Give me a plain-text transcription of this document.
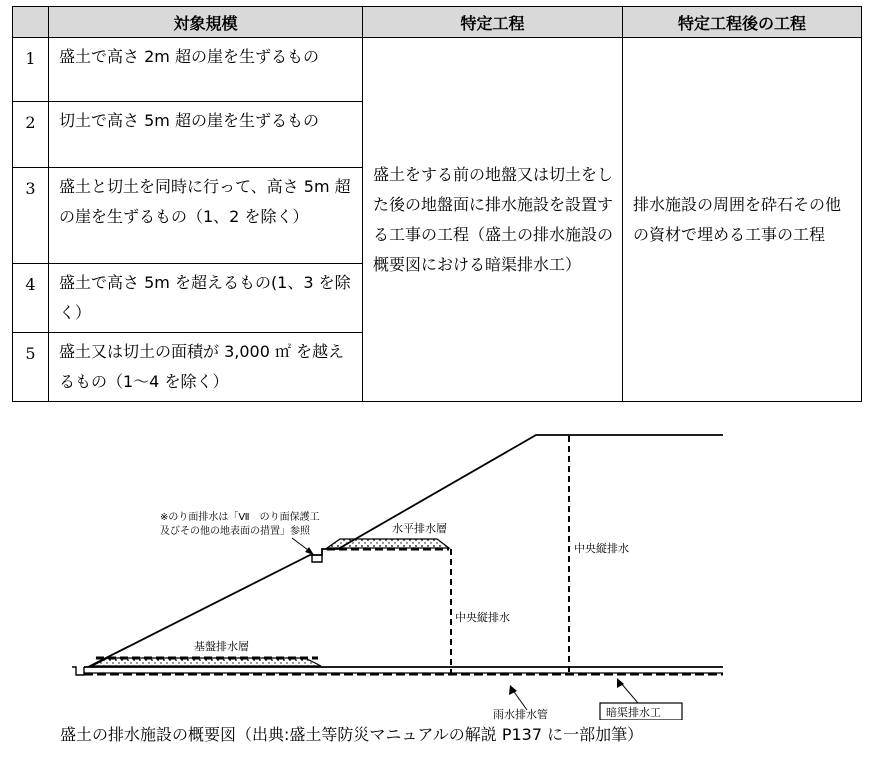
	対象規模	特定工程	特定工程後の工程
1	盛土で高さ 2m 超の崖を生ずるもの	盛土をする前の地盤又は切土をした後の地盤面に排水施設を設置する工事の工程（盛土の排水施設の概要図における暗渠排水工）	排水施設の周囲を砕石その他の資材で埋める工事の工程
2	切土で高さ 5m 超の崖を生ずるもの		
3	盛土と切土を同時に行って、高さ 5m 超の崖を生ずるもの（1、2 を除く）		
4	盛土で高さ 5m を超えるもの(1、3 を除く）		
5	盛土又は切土の面積が 3,000 ㎡ を越えるもの（1～4 を除く）		
※のり面排水は「Ⅶ　のり面保護工
及びその他の地表面の措置」参照	水平排水層
中央縦排水
中央縦排水
基盤排水層
雨水排水管	暗渠排水工
盛土の排水施設の概要図（出典:盛土等防災マニュアルの解説 P137 に一部加筆）
